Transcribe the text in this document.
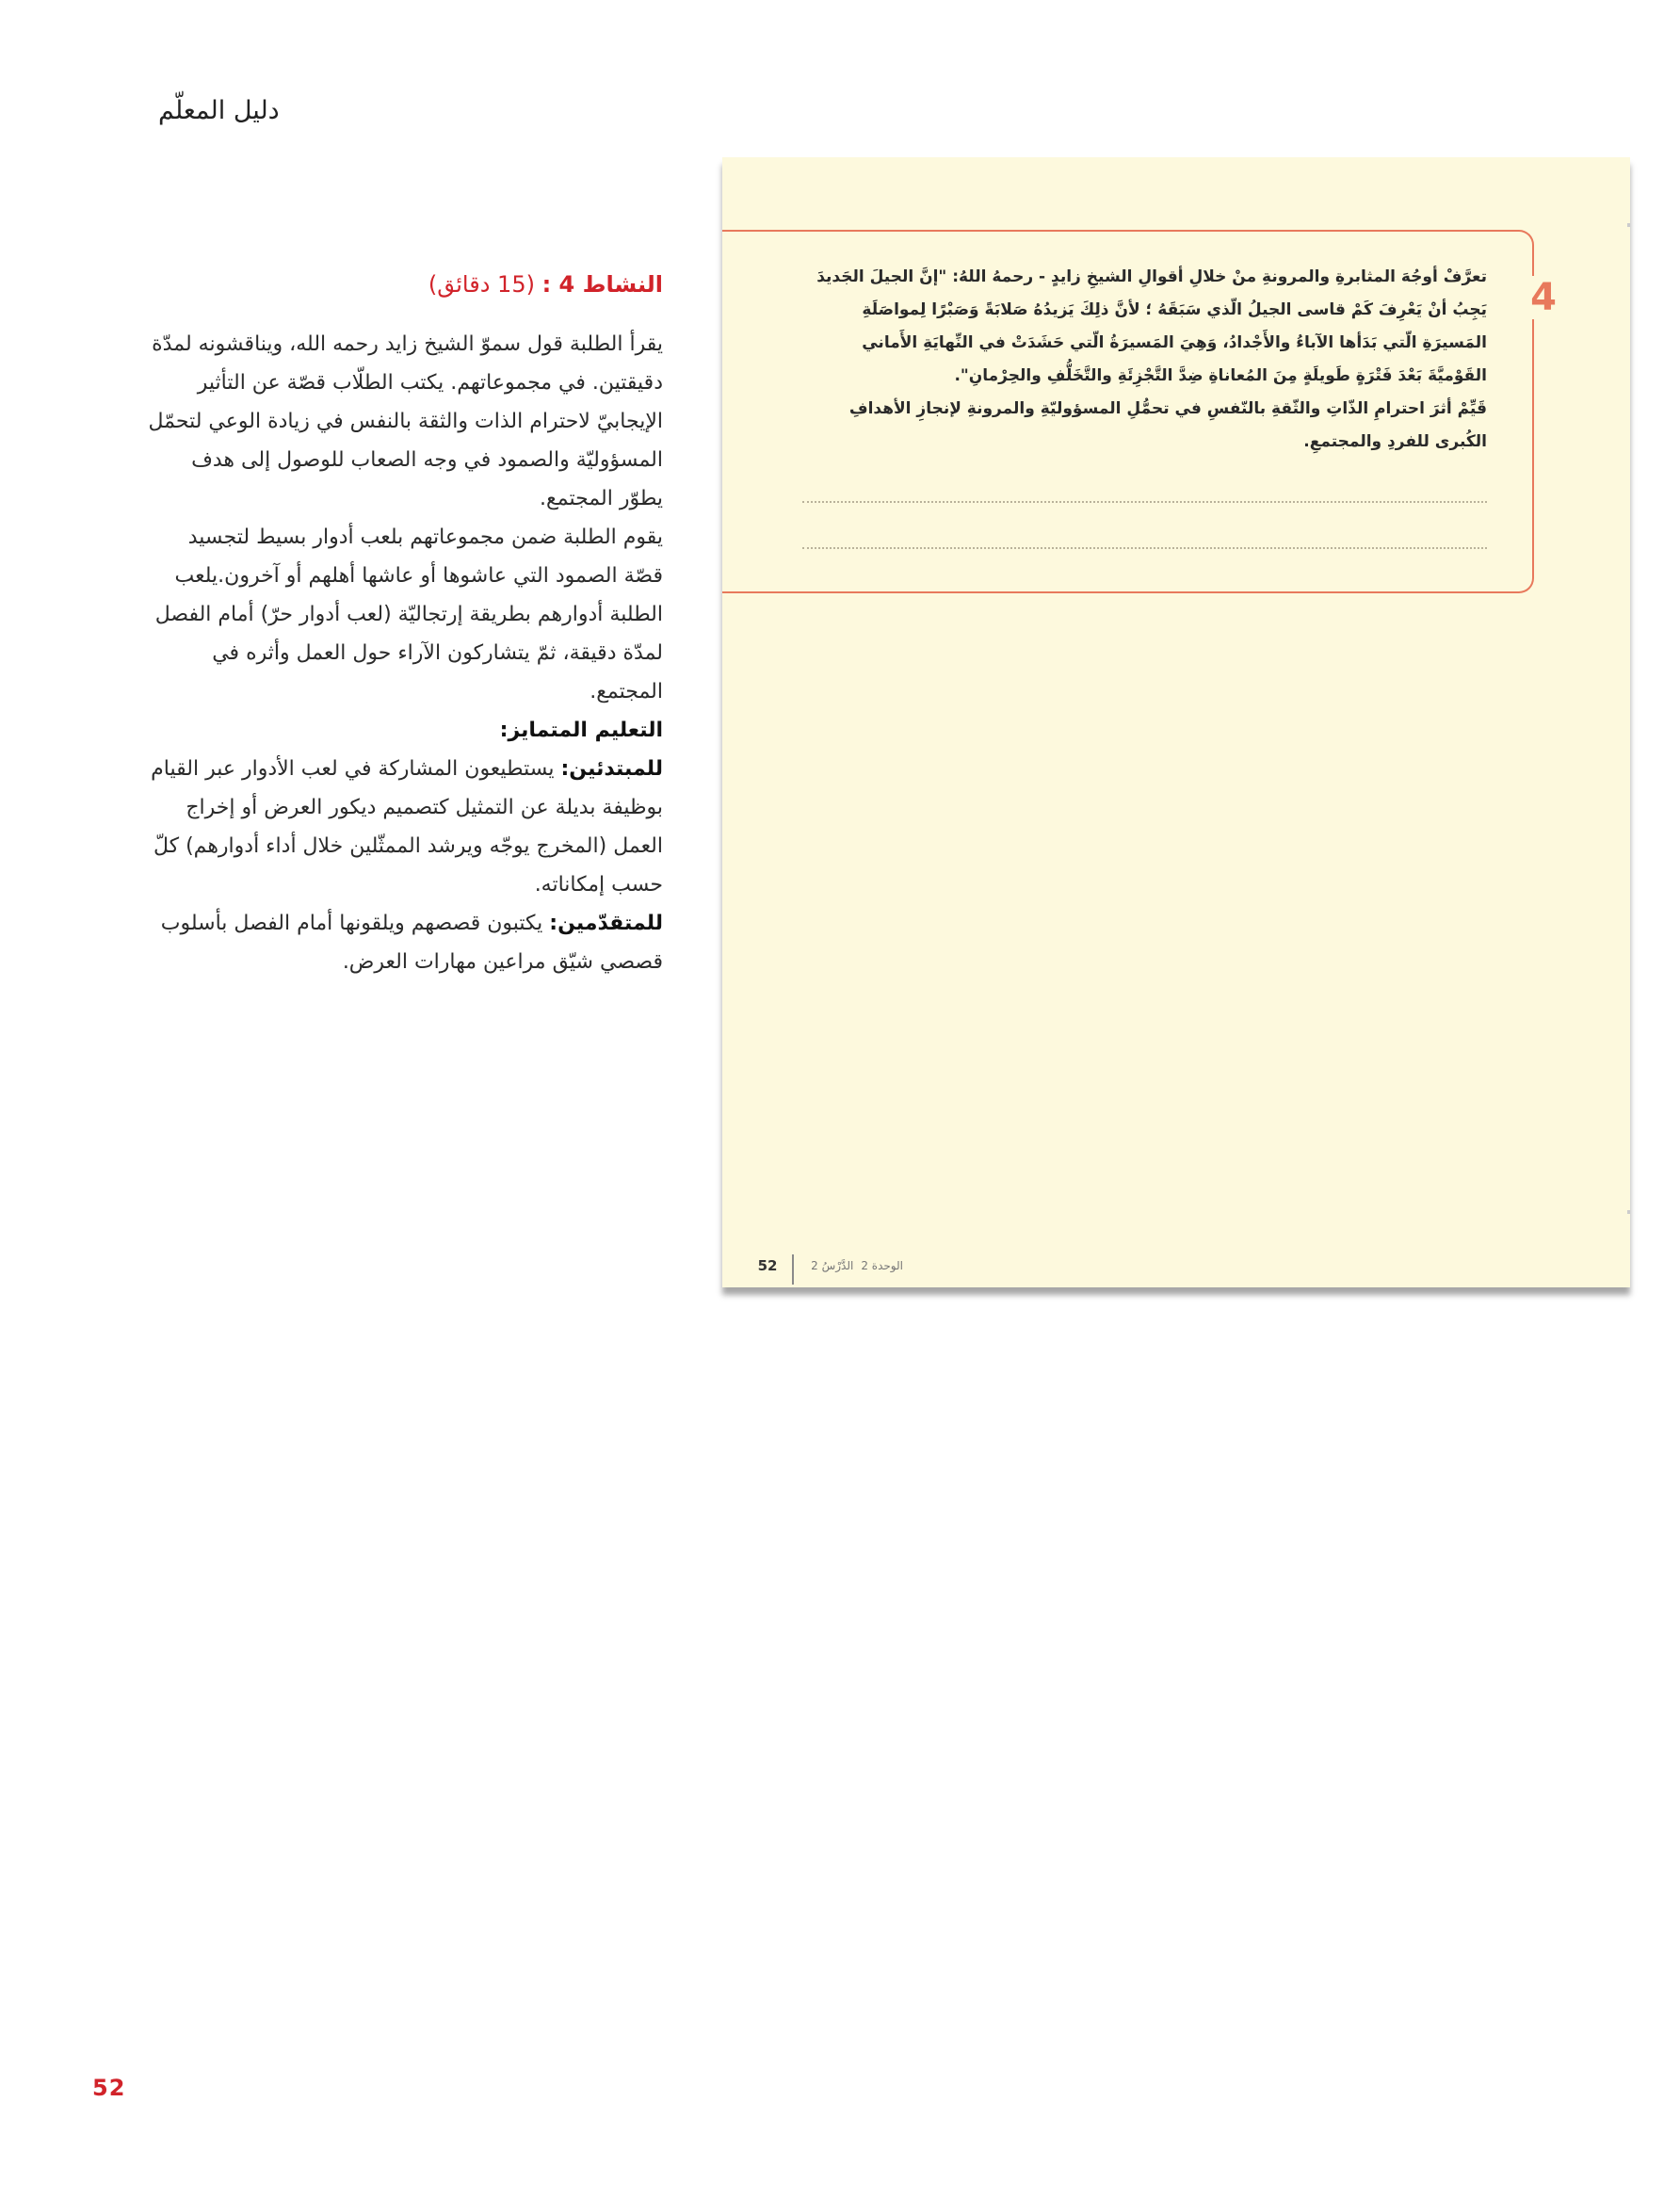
دليل المعلّم
النشاط 4 : (15 دقائق)

يقرأ الطلبة قول سموّ الشيخ زايد رحمه الله، ويناقشونه لمدّة دقيقتين. في مجموعاتهم. يكتب الطلّاب قصّة عن التأثير الإيجابيّ لاحترام الذات والثقة بالنفس في زيادة الوعي لتحمّل المسؤوليّة والصمود في وجه الصعاب للوصول إلى هدف يطوّر المجتمع.

يقوم الطلبة ضمن مجموعاتهم بلعب أدوار بسيط لتجسيد قصّة الصمود التي عاشوها أو عاشها أهلهم أو آخرون.يلعب الطلبة أدوارهم بطريقة إرتجاليّة (لعب أدوار حرّ) أمام الفصل لمدّة دقيقة، ثمّ يتشاركون الآراء حول العمل وأثره في المجتمع.

التعليم المتمايز:

للمبتدئين: يستطيعون المشاركة في لعب الأدوار عبر القيام بوظيفة بديلة عن التمثيل كتصميم ديكور العرض أو إخراج العمل (المخرج يوجّه ويرشد الممثّلين خلال أداء أدوارهم) كلّ حسب إمكاناته.

للمتقدّمين: يكتبون قصصهم ويلقونها أمام الفصل بأسلوب قصصي شيّق مراعين مهارات العرض.

4

تعرَّفْ أوجُهَ المثابرةِ والمرونةِ منْ خلالِ أقوالِ الشيخِ زايدٍ - رحمهُ اللهُ: "إنَّ الجيلَ الجَديدَ يَجِبُ أنْ يَعْرِفَ كَمْ قاسى الجيلُ الّذي سَبَقَهُ ؛ لأنَّ ذلِكَ يَزيدُهُ صَلابَةً وَصَبْرًا لِمواصَلَةِ المَسيرَةِ الّتي بَدَأها الآباءُ والأَجْدادُ، وَهِيَ المَسيرَةُ الّتي حَشَدَتْ في النِّهايَةِ الأَماني القَوْميَّةَ بَعْدَ فَتْرَةٍ طَويلَةٍ مِنَ المُعاناةِ ضِدَّ التَّجْزِئَةِ والتَّخَلُّفِ والحِرْمانِ".

قَيِّمْ أثرَ احترامِ الذّاتِ والثّقةِ بالنّفسِ في تحمُّلِ المسؤوليّةِ والمرونةِ لإنجازِ الأهدافِ الكُبرى للفردِ والمجتمعِ.

52	الوحدة 2الدَّرْسُ 2
52
